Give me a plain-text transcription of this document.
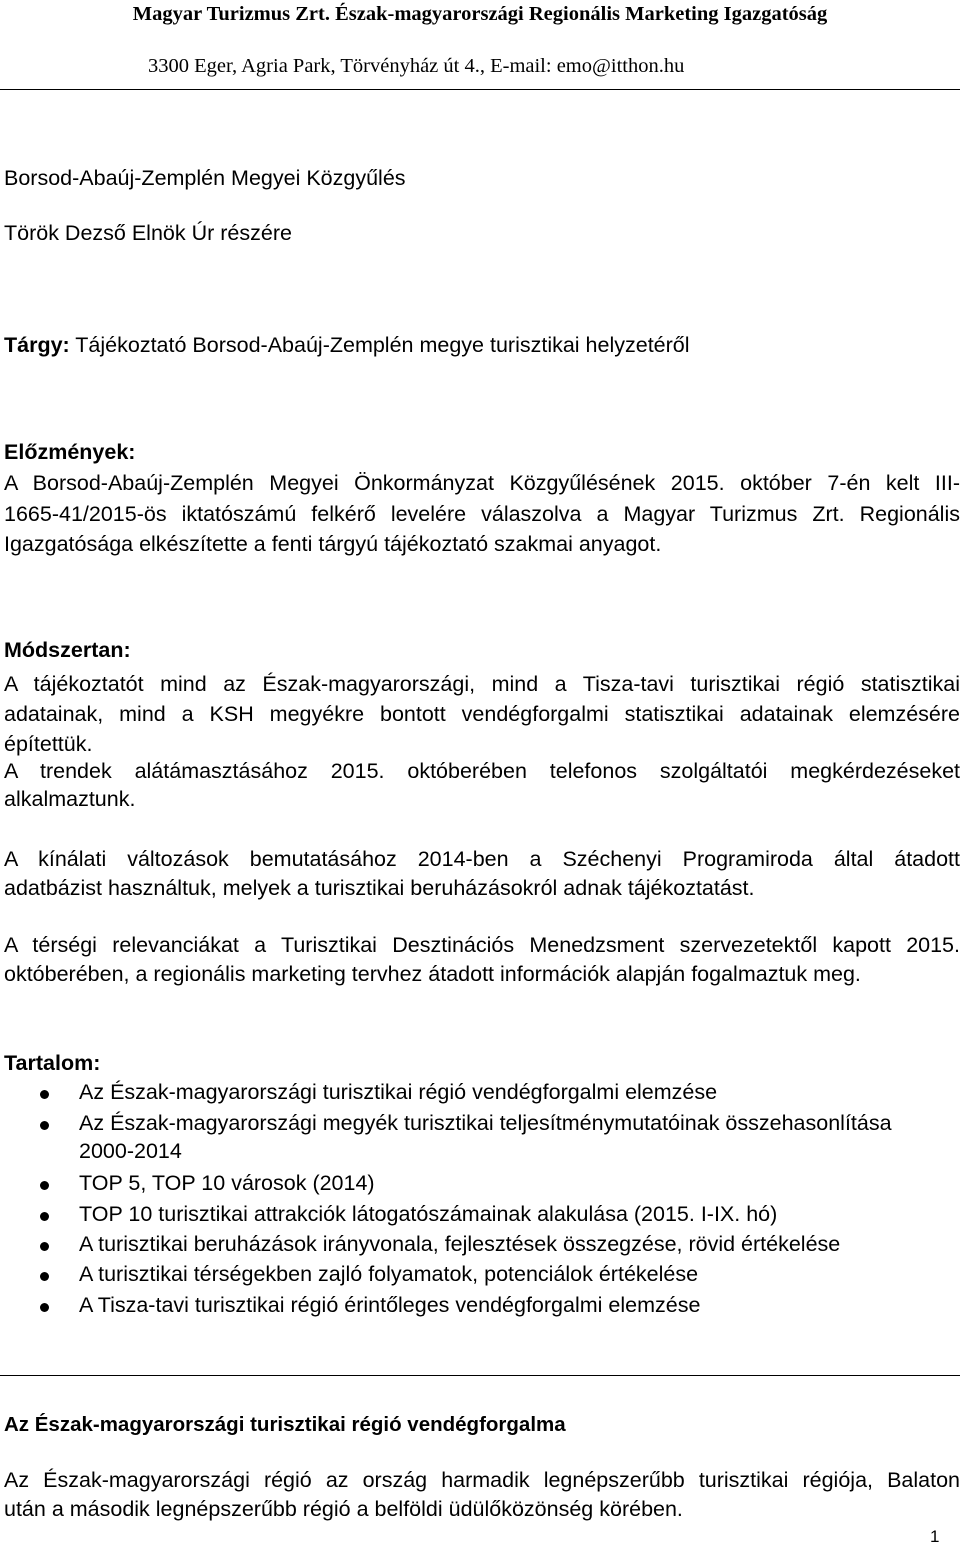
Magyar Turizmus Zrt. Észak-magyarországi Regionális Marketing Igazgatóság
3300 Eger, Agria Park, Törvényház út 4., E-mail: emo@itthon.hu
Borsod-Abaúj-Zemplén Megyei Közgyűlés
Török Dezső Elnök Úr részére
Tárgy: Tájékoztató Borsod-Abaúj-Zemplén megye turisztikai helyzetéről
Előzmények:
A Borsod-Abaúj-Zemplén Megyei Önkormányzat Közgyűlésének 2015. október 7-én kelt III-
1665-41/2015-ös iktatószámú felkérő levelére válaszolva a Magyar Turizmus Zrt. Regionális
Igazgatósága elkészítette a fenti tárgyú tájékoztató szakmai anyagot.
Módszertan:
A tájékoztatót mind az Észak-magyarországi, mind a Tisza-tavi turisztikai régió statisztikai
adatainak, mind a KSH megyékre bontott vendégforgalmi statisztikai adatainak elemzésére
építettük.
A trendek alátámasztásához 2015. októberében telefonos szolgáltatói megkérdezéseket
alkalmaztunk.
A kínálati változások bemutatásához 2014-ben a Széchenyi Programiroda által átadott
adatbázist használtuk, melyek a turisztikai beruházásokról adnak tájékoztatást.
A térségi relevanciákat a Turisztikai Desztinációs Menedzsment szervezetektől kapott 2015.
októberében, a regionális marketing tervhez átadott információk alapján fogalmaztuk meg.
Tartalom:
Az Észak-magyarországi turisztikai régió vendégforgalmi elemzése
Az Észak-magyarországi megyék turisztikai teljesítménymutatóinak összehasonlítása
2000-2014
TOP 5, TOP 10 városok (2014)
TOP 10 turisztikai attrakciók látogatószámainak alakulása (2015. I-IX. hó)
A turisztikai beruházások irányvonala, fejlesztések összegzése, rövid értékelése
A turisztikai térségekben zajló folyamatok, potenciálok értékelése
A Tisza-tavi turisztikai régió érintőleges vendégforgalmi elemzése
Az Észak-magyarországi turisztikai régió vendégforgalma
Az Észak-magyarországi régió az ország harmadik legnépszerűbb turisztikai régiója, Balaton
után a második legnépszerűbb régió a belföldi üdülőközönség körében.
1
